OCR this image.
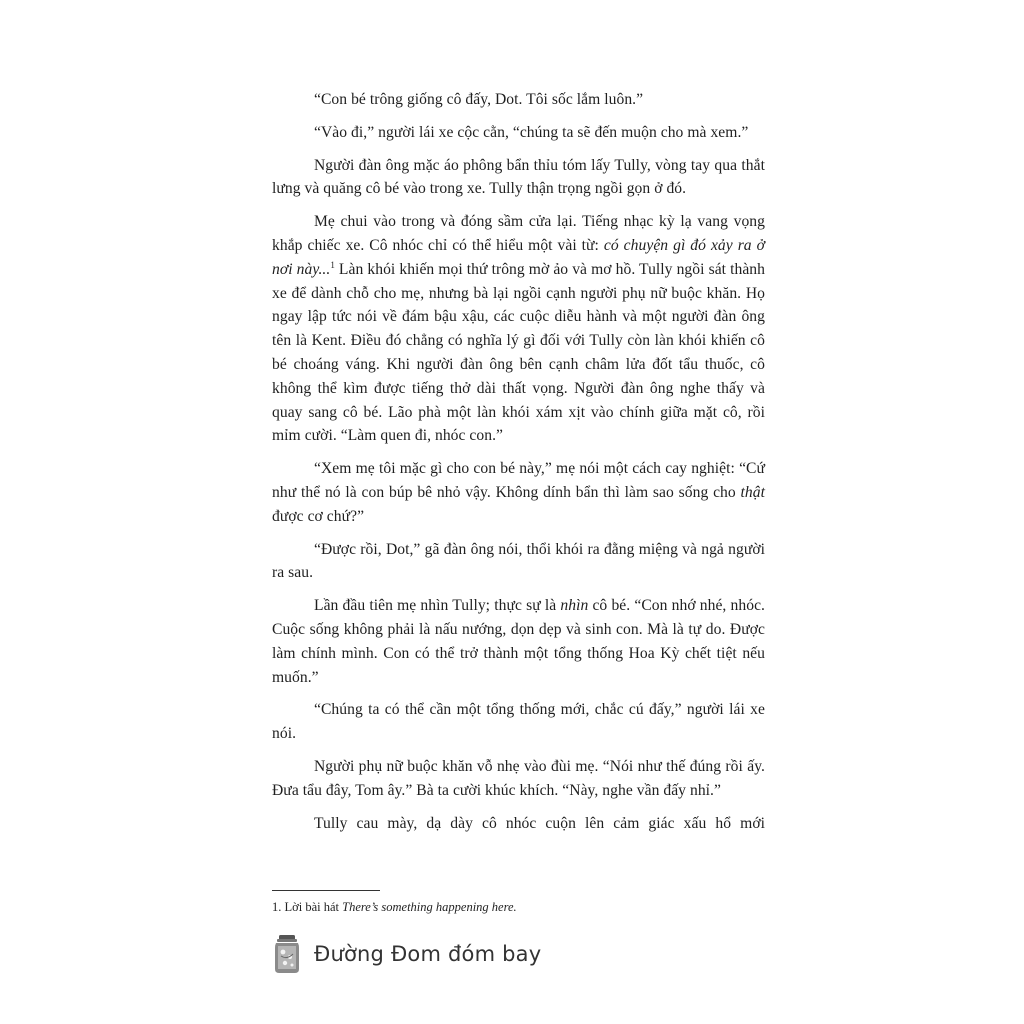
“Con bé trông giống cô đấy, Dot. Tôi sốc lắm luôn.”

“Vào đi,” người lái xe cộc cằn, “chúng ta sẽ đến muộn cho mà xem.”

Người đàn ông mặc áo phông bẩn thỉu tóm lấy Tully, vòng tay qua thắt lưng và quăng cô bé vào trong xe. Tully thận trọng ngồi gọn ở đó.

Mẹ chui vào trong và đóng sầm cửa lại. Tiếng nhạc kỳ lạ vang vọng khắp chiếc xe. Cô nhóc chỉ có thể hiểu một vài từ: có chuyện gì đó xảy ra ở nơi này...$^1$ Làn khói khiến mọi thứ trông mờ ảo và mơ hồ. Tully ngồi sát thành xe để dành chỗ cho mẹ, nhưng bà lại ngồi cạnh người phụ nữ buộc khăn. Họ ngay lập tức nói về đám bậu xậu, các cuộc diễu hành và một người đàn ông tên là Kent. Điều đó chẳng có nghĩa lý gì đối với Tully còn làn khói khiến cô bé choáng váng. Khi người đàn ông bên cạnh châm lửa đốt tẩu thuốc, cô không thể kìm được tiếng thở dài thất vọng. Người đàn ông nghe thấy và quay sang cô bé. Lão phà một làn khói xám xịt vào chính giữa mặt cô, rồi mỉm cười. “Làm quen đi, nhóc con.”

“Xem mẹ tôi mặc gì cho con bé này,” mẹ nói một cách cay nghiệt: “Cứ như thể nó là con búp bê nhỏ vậy. Không dính bẩn thì làm sao sống cho thật được cơ chứ?”

“Được rồi, Dot,” gã đàn ông nói, thổi khói ra đằng miệng và ngả người ra sau.

Lần đầu tiên mẹ nhìn Tully; thực sự là nhìn cô bé. “Con nhớ nhé, nhóc. Cuộc sống không phải là nấu nướng, dọn dẹp và sinh con. Mà là tự do. Được làm chính mình. Con có thể trở thành một tổng thống Hoa Kỳ chết tiệt nếu muốn.”

“Chúng ta có thể cần một tổng thống mới, chắc cú đấy,” người lái xe nói.

Người phụ nữ buộc khăn vỗ nhẹ vào đùi mẹ. “Nói như thế đúng rồi ấy. Đưa tẩu đây, Tom ây.” Bà ta cười khúc khích. “Này, nghe vần đấy nhỉ.”

Tully cau mày, dạ dày cô nhóc cuộn lên cảm giác xấu hổ mới

1. Lời bài hát There’s something happening here.
Đường Đom đóm bay
